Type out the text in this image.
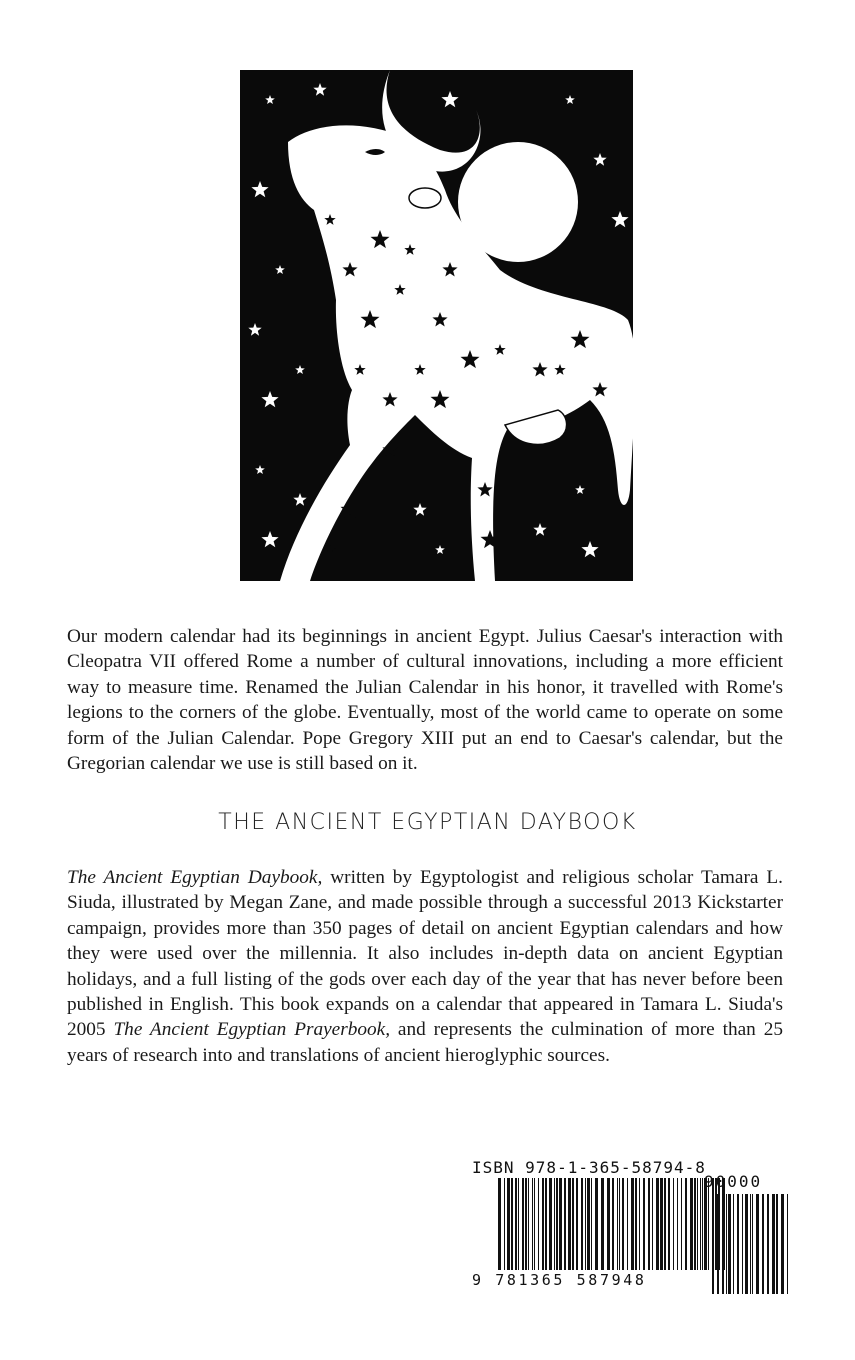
Our modern calendar had its beginnings in ancient Egypt. Julius Caesar's interaction with Cleopatra VII offered Rome a number of cultural innovations, including a more efficient way to measure time. Renamed the Julian Calendar in his honor, it travelled with Rome's legions to the corners of the globe. Eventually, most of the world came to operate on some form of the Julian Calendar. Pope Gregory XIII put an end to Caesar's calendar, but the Gregorian calendar we use is still based on it.

THE ANCIENT EGYPTIAN DAYBOOK

The Ancient Egyptian Daybook, written by Egyptologist and religious scholar Tamara L. Siuda, illustrated by Megan Zane, and made possible through a successful 2013 Kickstarter campaign, provides more than 350 pages of detail on ancient Egyptian calendars and how they were used over the millennia. It also includes in-depth data on ancient Egyptian holidays, and a full listing of the gods over each day of the year that has never before been published in English. This book expands on a calendar that appeared in Tamara L. Siuda's 2005 The Ancient Egyptian Prayerbook, and represents the culmination of more than 25 years of research into and translations of ancient hieroglyphic sources.

ISBN 978-1-365-58794-8
90000
9 781365 587948
